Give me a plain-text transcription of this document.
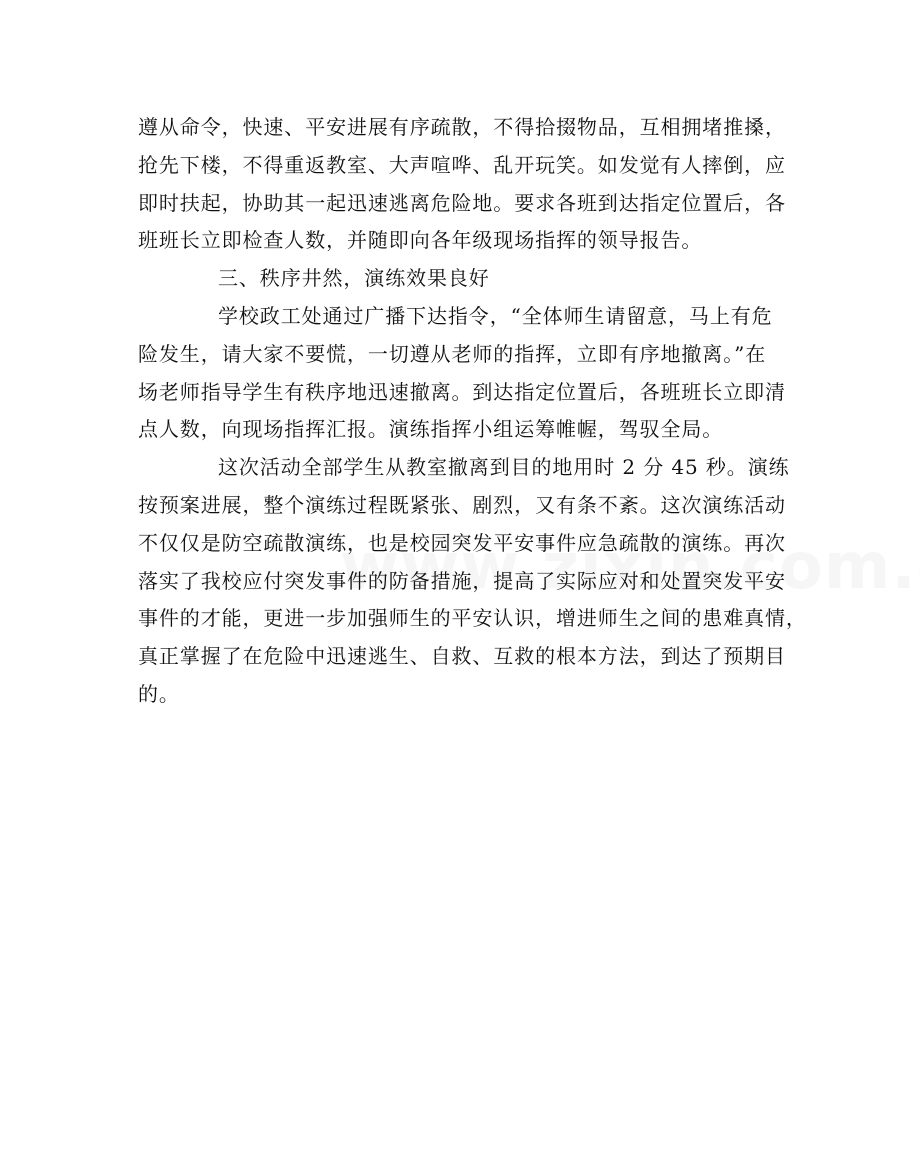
遵从命令，快速、平安进展有序疏散，不得拾掇物品，互相拥堵推搡，
抢先下楼，不得重返教室、大声喧哗、乱开玩笑。如发觉有人摔倒，应
即时扶起，协助其一起迅速逃离危险地。要求各班到达指定位置后，各
班班长立即检查人数，并随即向各年级现场指挥的领导报告。
三、秩序井然，演练效果良好
学校政工处通过广播下达指令，“全体师生请留意，马上有危
险发生，请大家不要慌，一切遵从老师的指挥，立即有序地撤离。”在
场老师指导学生有秩序地迅速撤离。到达指定位置后，各班班长立即清
点人数，向现场指挥汇报。演练指挥小组运筹帷幄，驾驭全局。
这次活动全部学生从教室撤离到目的地用时 2 分 45 秒。演练
按预案进展，整个演练过程既紧张、剧烈，又有条不紊。这次演练活动
不仅仅是防空疏散演练，也是校园突发平安事件应急疏散的演练。再次
落实了我校应付突发事件的防备措施，提高了实际应对和处置突发平安
事件的才能，更进一步加强师生的平安认识，增进师生之间的患难真情，
真正掌握了在危险中迅速逃生、自救、互救的根本方法，到达了预期目
的。
